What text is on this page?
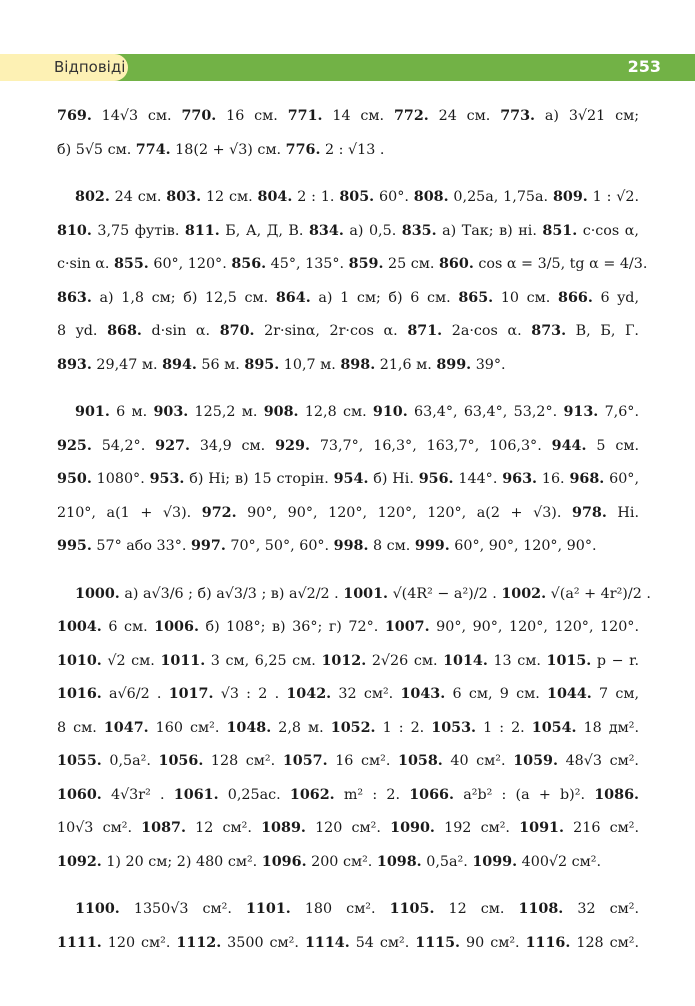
Відповіді	253
769. 14√3 см. 770. 16 см. 771. 14 см. 772. 24 см. 773. а) 3√21 см;
б) 5√5 см. 774. 18(2 + √3) см. 776. 2 : √13 .
802. 24 см. 803. 12 см. 804. 2 : 1. 805. 60°. 808. 0,25a, 1,75a. 809. 1 : √2.
810. 3,75 футів. 811. Б, А, Д, В. 834. а) 0,5. 835. а) Так; в) ні. 851. c·cos α,
c·sin α. 855. 60°, 120°. 856. 45°, 135°. 859. 25 см. 860. cos α = 3/5, tg α = 4/3.
863. а) 1,8 см; б) 12,5 см. 864. а) 1 см; б) 6 см. 865. 10 см. 866. 6 yd,
8 yd. 868. d·sin α. 870. 2r·sinα, 2r·cos α. 871. 2a·cos α. 873. В, Б, Г.
893. 29,47 м. 894. 56 м. 895. 10,7 м. 898. 21,6 м. 899. 39°.
901. 6 м. 903. 125,2 м. 908. 12,8 см. 910. 63,4°, 63,4°, 53,2°. 913. 7,6°.
925. 54,2°. 927. 34,9 см. 929. 73,7°, 16,3°, 163,7°, 106,3°. 944. 5 см.
950. 1080°. 953. б) Ні; в) 15 сторін. 954. б) Ні. 956. 144°. 963. 16. 968. 60°,
210°, a(1 + √3). 972. 90°, 90°, 120°, 120°, 120°, a(2 + √3). 978. Ні.
995. 57° або 33°. 997. 70°, 50°, 60°. 998. 8 см. 999. 60°, 90°, 120°, 90°.
1000. а) a√3/6 ; б) a√3/3 ; в) a√2/2 . 1001. √(4R² − a²)/2 . 1002. √(a² + 4r²)/2 .
1004. 6 см. 1006. б) 108°; в) 36°; г) 72°. 1007. 90°, 90°, 120°, 120°, 120°.
1010. √2 см. 1011. 3 см, 6,25 см. 1012. 2√26 см. 1014. 13 см. 1015. p − r.
1016. a√6/2 . 1017. √3 : 2 . 1042. 32 см². 1043. 6 см, 9 см. 1044. 7 см,
8 см. 1047. 160 см². 1048. 2,8 м. 1052. 1 : 2. 1053. 1 : 2. 1054. 18 дм².
1055. 0,5a². 1056. 128 см². 1057. 16 см². 1058. 40 см². 1059. 48√3 см².
1060. 4√3r² . 1061. 0,25ac. 1062. m² : 2. 1066. a²b² : (a + b)². 1086.
10√3 см². 1087. 12 см². 1089. 120 см². 1090. 192 см². 1091. 216 см².
1092. 1) 20 см; 2) 480 см². 1096. 200 см². 1098. 0,5a². 1099. 400√2 см².
1100. 1350√3 см². 1101. 180 см². 1105. 12 см. 1108. 32 см².
1111. 120 см². 1112. 3500 см². 1114. 54 см². 1115. 90 см². 1116. 128 см².
